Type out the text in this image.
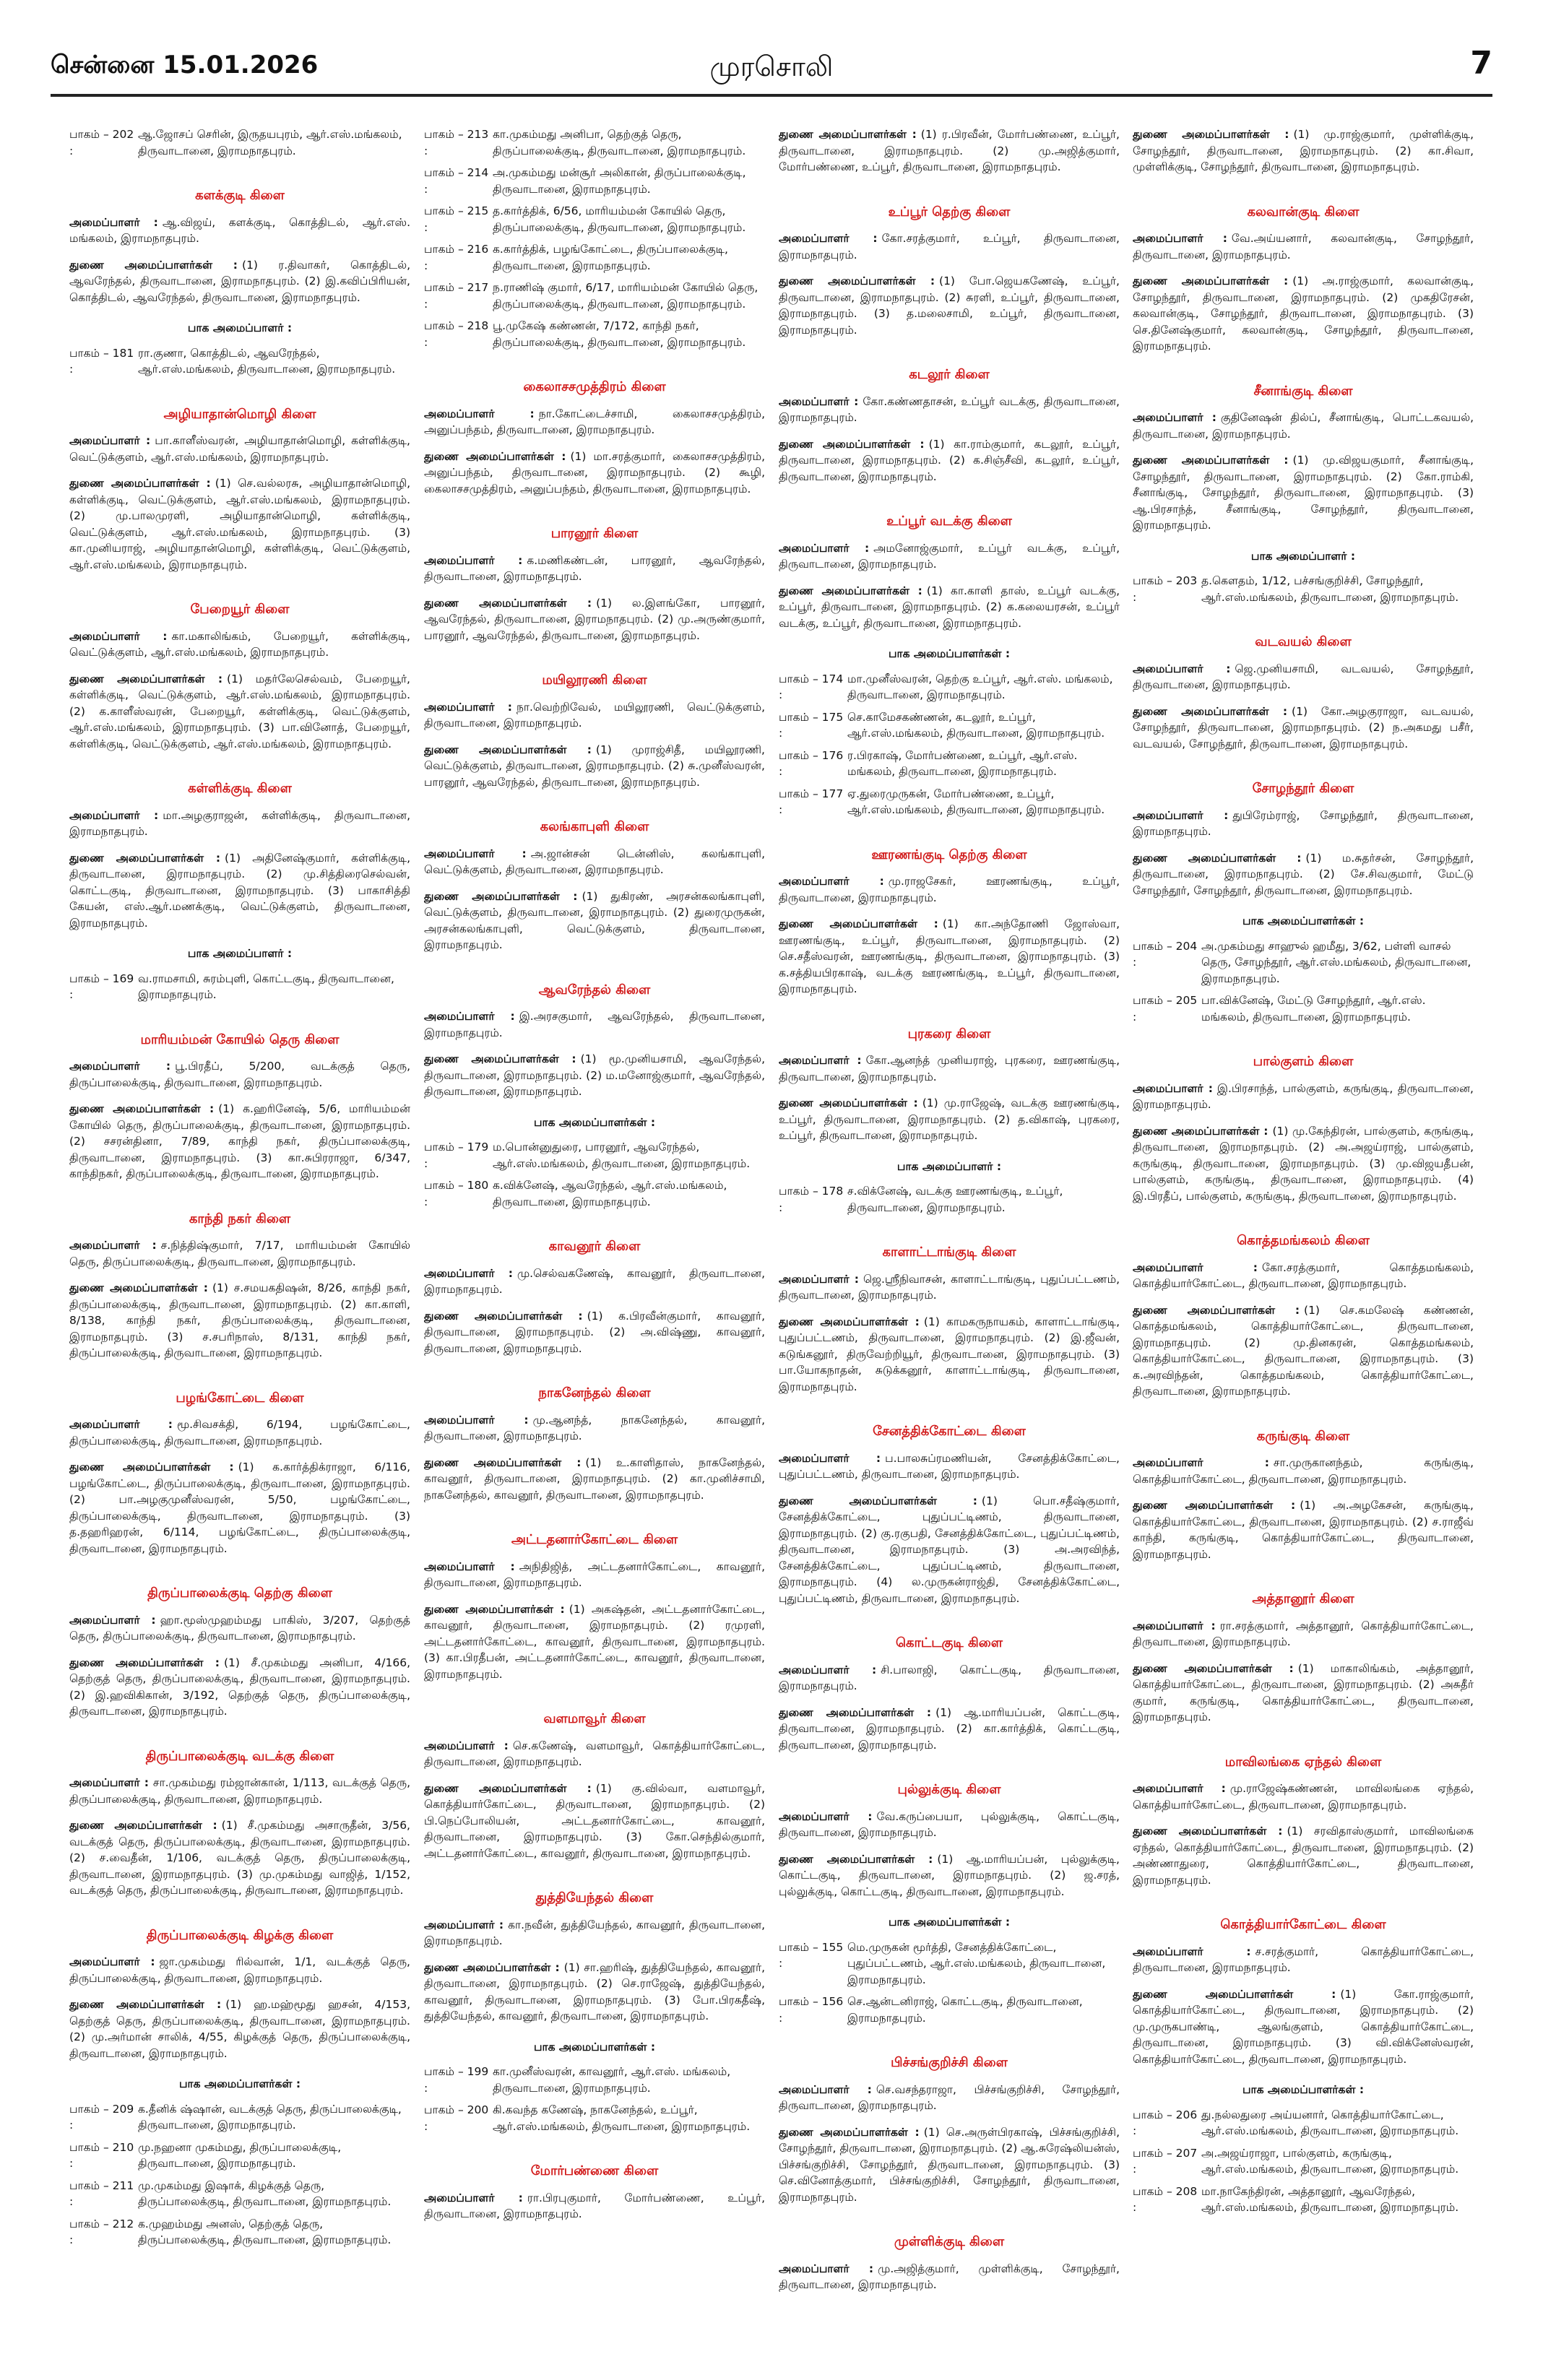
சென்னை 15.01.2026	முரசொலி	7
பாகம் – 202 :
ஆ.ஜோசப் செரின், இருதயபுரம், ஆர்.எஸ்.மங்கலம், திருவாடானை, இராமநாதபுரம்.
களக்குடி கிளை
அமைப்பாளர் : ஆ.விஜய், களக்குடி, கொத்திடல், ஆர்.எஸ். மங்கலம், இராமநாதபுரம்.
துணை அமைப்பாளர்கள் : (1) ர.திவாகர், கொத்திடல், ஆவரேந்தல், திருவாடானை, இராமநாதபுரம். (2) இ.கவிப்பிரியன், கொத்திடல், ஆவரேந்தல், திருவாடானை, இராமநாதபுரம்.
பாக அமைப்பாளர் :
பாகம் – 181 :
ரா.குணா, கொத்திடல், ஆவரேந்தல், ஆர்.எஸ்.மங்கலம், திருவாடானை, இராமநாதபுரம்.
அழியாதான்மொழி கிளை
அமைப்பாளர் : பா.காளீஸ்வரன், அழியாதான்மொழி, கள்ளிக்குடி, வெட்டுக்குளம், ஆர்.எஸ்.மங்கலம், இராமநாதபுரம்.
துணை அமைப்பாளர்கள் : (1) செ.வல்லரசு, அழியாதான்மொழி, கள்ளிக்குடி, வெட்டுக்குளம், ஆர்.எஸ்.மங்கலம், இராமநாதபுரம். (2) மு.பாலமுரளி, அழியாதான்மொழி, கள்ளிக்குடி, வெட்டுக்குளம், ஆர்.எஸ்.மங்கலம், இராமநாதபுரம். (3) கா.முனியராஜ், அழியாதான்மொழி, கள்ளிக்குடி, வெட்டுக்குளம், ஆர்.எஸ்.மங்கலம், இராமநாதபுரம்.
பேறையூர் கிளை
அமைப்பாளர் : கா.மகாலிங்கம், பேறையூர், கள்ளிக்குடி, வெட்டுக்குளம், ஆர்.எஸ்.மங்கலம், இராமநாதபுரம்.
துணை அமைப்பாளர்கள் : (1) மதர்லேசெல்வம், பேறையூர், கள்ளிக்குடி, வெட்டுக்குளம், ஆர்.எஸ்.மங்கலம், இராமநாதபுரம். (2) க.காளீஸ்வரன், பேறையூர், கள்ளிக்குடி, வெட்டுக்குளம், ஆர்.எஸ்.மங்கலம், இராமநாதபுரம். (3) பா.வினோத், பேறையூர், கள்ளிக்குடி, வெட்டுக்குளம், ஆர்.எஸ்.மங்கலம், இராமநாதபுரம்.
கள்ளிக்குடி கிளை
அமைப்பாளர் : மா.அழகுராஜன், கள்ளிக்குடி, திருவாடானை, இராமநாதபுரம்.
துணை அமைப்பாளர்கள் : (1) அதினேஷ்குமார், கள்ளிக்குடி, திருவாடானை, இராமநாதபுரம். (2) மு.சித்திரைசெல்வன், கொட்டகுடி, திருவாடானை, இராமநாதபுரம். (3) பாகாசித்தி கேயன், எஸ்.ஆர்.மணக்குடி, வெட்டுக்குளம், திருவாடானை, இராமநாதபுரம்.
பாக அமைப்பாளர் :
பாகம் – 169 :
வ.ராமசாமி, சுரம்புளி, கொட்டகுடி, திருவாடானை, இராமநாதபுரம்.
மாரியம்மன் கோயில் தெரு கிளை
அமைப்பாளர் : பூ.பிரதீப், 5/200, வடக்குத் தெரு, திருப்பாலைக்குடி, திருவாடானை, இராமநாதபுரம்.
துணை அமைப்பாளர்கள் : (1) க.ஹரினேஷ், 5/6, மாரியம்மன் கோயில் தெரு, திருப்பாலைக்குடி, திருவாடானை, இராமநாதபுரம். (2) சசரன்தினா, 7/89, காந்தி நகர், திருப்பாலைக்குடி, திருவாடானை, இராமநாதபுரம். (3) கா.சுபிரராஜா, 6/347, காந்திநகர், திருப்பாலைக்குடி, திருவாடானை, இராமநாதபுரம்.
காந்தி நகர் கிளை
அமைப்பாளர் : ச.நித்திஷ்குமார், 7/17, மாரியம்மன் கோயில் தெரு, திருப்பாலைக்குடி, திருவாடானை, இராமநாதபுரம்.
துணை அமைப்பாளர்கள் : (1) ச.சமயகதிஷன், 8/26, காந்தி நகர், திருப்பாலைக்குடி, திருவாடானை, இராமநாதபுரம். (2) கா.காளி, 8/138, காந்தி நகர், திருப்பாலைக்குடி, திருவாடானை, இராமநாதபுரம். (3) ச.சபரிநாஸ், 8/131, காந்தி நகர், திருப்பாலைக்குடி, திருவாடானை, இராமநாதபுரம்.
பழங்கோட்டை கிளை
அமைப்பாளர் : மூ.சிவசக்தி, 6/194, பழங்கோட்டை, திருப்பாலைக்குடி, திருவாடானை, இராமநாதபுரம்.
துணை அமைப்பாளர்கள் : (1) க.கார்த்திக்ராஜா, 6/116, பழங்கோட்டை, திருப்பாலைக்குடி, திருவாடானை, இராமநாதபுரம். (2) பா.அழகுமுனீஸ்வரன், 5/50, பழங்கோட்டை, திருப்பாலைக்குடி, திருவாடானை, இராமநாதபுரம். (3) த.தஹரிஹரன், 6/114, பழங்கோட்டை, திருப்பாலைக்குடி, திருவாடானை, இராமநாதபுரம்.
திருப்பாலைக்குடி தெற்கு கிளை
அமைப்பாளர் : ஹா.மூஸ்முஹம்மது பாகிஸ், 3/207, தெற்குத் தெரு, திருப்பாலைக்குடி, திருவாடானை, இராமநாதபுரம்.
துணை அமைப்பாளர்கள் : (1) சீ.முகம்மது அனிபா, 4/166, தெற்குத் தெரு, திருப்பாலைக்குடி, திருவாடானை, இராமநாதபுரம். (2) இ.ஹவிகிகான், 3/192, தெற்குத் தெரு, திருப்பாலைக்குடி, திருவாடானை, இராமநாதபுரம்.
திருப்பாலைக்குடி வடக்கு கிளை
அமைப்பாளர் : சா.முகம்மது ரம்ஜான்கான், 1/113, வடக்குத் தெரு, திருப்பாலைக்குடி, திருவாடானை, இராமநாதபுரம்.
துணை அமைப்பாளர்கள் : (1) சீ.முகம்மது அசாருதீன், 3/56, வடக்குத் தெரு, திருப்பாலைக்குடி, திருவாடானை, இராமநாதபுரம். (2) ச.வைதீன், 1/106, வடக்குத் தெரு, திருப்பாலைக்குடி, திருவாடானை, இராமநாதபுரம். (3) மு.முகம்மது வாஜித், 1/152, வடக்குத் தெரு, திருப்பாலைக்குடி, திருவாடானை, இராமநாதபுரம்.
திருப்பாலைக்குடி கிழக்கு கிளை
அமைப்பாளர் : ஜா.முகம்மது ரில்வான், 1/1, வடக்குத் தெரு, திருப்பாலைக்குடி, திருவாடானை, இராமநாதபுரம்.
துணை அமைப்பாளர்கள் : (1) ஹ.மஹ்மூது ஹசன், 4/153, தெற்குத் தெரு, திருப்பாலைக்குடி, திருவாடானை, இராமநாதபுரம். (2) மு.அர்மான் சாலிக், 4/55, கிழக்குத் தெரு, திருப்பாலைக்குடி, திருவாடானை, இராமநாதபுரம்.
பாக அமைப்பாளர்கள் :
பாகம் – 209 :
க.தீனிக் ஷ்ஷான், வடக்குத் தெரு, திருப்பாலைக்குடி, திருவாடானை, இராமநாதபுரம்.
பாகம் – 210 :
மு.நஹனா முகம்மது, திருப்பாலைக்குடி, திருவாடானை, இராமநாதபுரம்.
பாகம் – 211 :
மு.முகம்மது இஷாக், கிழக்குத் தெரு, திருப்பாலைக்குடி, திருவாடானை, இராமநாதபுரம்.
பாகம் – 212 :
க.முஹம்மது அனஸ், தெற்குத் தெரு, திருப்பாலைக்குடி, திருவாடானை, இராமநாதபுரம்.
பாகம் – 213 :
கா.முகம்மது அனிபா, தெற்குத் தெரு, திருப்பாலைக்குடி, திருவாடானை, இராமநாதபுரம்.
பாகம் – 214 :
அ.முகம்மது மன்சூர் அலிகான், திருப்பாலைக்குடி, திருவாடானை, இராமநாதபுரம்.
பாகம் – 215 :
த.கார்த்திக், 6/56, மாரியம்மன் கோயில் தெரு, திருப்பாலைக்குடி, திருவாடானை, இராமநாதபுரம்.
பாகம் – 216 :
க.கார்த்திக், பழங்கோட்டை, திருப்பாலைக்குடி, திருவாடானை, இராமநாதபுரம்.
பாகம் – 217 :
ந.ராணிஷ் குமார், 6/17, மாரியம்மன் கோயில் தெரு, திருப்பாலைக்குடி, திருவாடானை, இராமநாதபுரம்.
பாகம் – 218 :
பூ.முகேஷ் கண்ணன், 7/172, காந்தி நகர், திருப்பாலைக்குடி, திருவாடானை, இராமநாதபுரம்.
கைலாசசமுத்திரம் கிளை
அமைப்பாளர் : நா.கோட்டைச்சாமி, கைலாசசமுத்திரம், அனுப்பந்தம், திருவாடானை, இராமநாதபுரம்.
துணை அமைப்பாளர்கள் : (1) மா.சரத்குமார், கைலாசசமுத்திரம், அனுப்பந்தம், திருவாடானை, இராமநாதபுரம். (2) கூழி, கைலாசசமுத்திரம், அனுப்பந்தம், திருவாடானை, இராமநாதபுரம்.
பாரனூர் கிளை
அமைப்பாளர் : க.மணிகண்டன், பாரனூர், ஆவரேந்தல், திருவாடானை, இராமநாதபுரம்.
துணை அமைப்பாளர்கள் : (1) ல.இளங்கோ, பாரனூர், ஆவரேந்தல், திருவாடானை, இராமநாதபுரம். (2) மு.அருண்குமார், பாரனூர், ஆவரேந்தல், திருவாடானை, இராமநாதபுரம்.
மயிலூரணி கிளை
அமைப்பாளர் : நா.வெற்றிவேல், மயிலூரணி, வெட்டுக்குளம், திருவாடானை, இராமநாதபுரம்.
துணை அமைப்பாளர்கள் : (1) முராஜ்சிதீ, மயிலூரணி, வெட்டுக்குளம், திருவாடானை, இராமநாதபுரம். (2) சு.முனீஸ்வரன், பாரனூர், ஆவரேந்தல், திருவாடானை, இராமநாதபுரம்.
கலங்காபுளி கிளை
அமைப்பாளர் : அ.ஜான்சன் டென்னிஸ், கலங்காபுளி, வெட்டுக்குளம், திருவாடானை, இராமநாதபுரம்.
துணை அமைப்பாளர்கள் : (1) துகிரண், அரசன்கலங்காபுளி, வெட்டுக்குளம், திருவாடானை, இராமநாதபுரம். (2) துரைமுருகன், அரசன்கலங்காபுளி, வெட்டுக்குளம், திருவாடானை, இராமநாதபுரம்.
ஆவரேந்தல் கிளை
அமைப்பாளர் : இ.அரசகுமார், ஆவரேந்தல், திருவாடானை, இராமநாதபுரம்.
துணை அமைப்பாளர்கள் : (1) மூ.முனியசாமி, ஆவரேந்தல், திருவாடானை, இராமநாதபுரம். (2) ம.மனோஜ்குமார், ஆவரேந்தல், திருவாடானை, இராமநாதபுரம்.
பாக அமைப்பாளர்கள் :
பாகம் – 179 :
ம.பொன்னுதுரை, பாரனூர், ஆவரேந்தல், ஆர்.எஸ்.மங்கலம், திருவாடானை, இராமநாதபுரம்.
பாகம் – 180 :
க.விக்னேஷ், ஆவரேந்தல், ஆர்.எஸ்.மங்கலம், திருவாடானை, இராமநாதபுரம்.
காவனூர் கிளை
அமைப்பாளர் : மு.செல்வகணேஷ், காவனூர், திருவாடானை, இராமநாதபுரம்.
துணை அமைப்பாளர்கள் : (1) க.பிரவீன்குமார், காவனூர், திருவாடானை, இராமநாதபுரம். (2) அ.விஷ்ணு, காவனூர், திருவாடானை, இராமநாதபுரம்.
நாகனேந்தல் கிளை
அமைப்பாளர் : மு.ஆனந்த், நாகனேந்தல், காவனூர், திருவாடானை, இராமநாதபுரம்.
துணை அமைப்பாளர்கள் : (1) உ.காளிதாஸ், நாகனேந்தல், காவனூர், திருவாடானை, இராமநாதபுரம். (2) கா.முனிச்சாமி, நாகனேந்தல், காவனூர், திருவாடானை, இராமநாதபுரம்.
அட்டதனார்கோட்டை கிளை
அமைப்பாளர் : அநிதிஜித், அட்டதனார்கோட்டை, காவனூர், திருவாடானை, இராமநாதபுரம்.
துணை அமைப்பாளர்கள் : (1) அகஷ்தன், அட்டதனார்கோட்டை, காவனூர், திருவாடானை, இராமநாதபுரம். (2) ரமுரளி, அட்டதனார்கோட்டை, காவனூர், திருவாடானை, இராமநாதபுரம். (3) கா.பிரதீபன், அட்டதனார்கோட்டை, காவனூர், திருவாடானை, இராமநாதபுரம்.
வளமாவூர் கிளை
அமைப்பாளர் : செ.கணேஷ், வளமாவூர், கொத்தியார்கோட்டை, திருவாடானை, இராமநாதபுரம்.
துணை அமைப்பாளர்கள் : (1) கு.வில்வா, வளமாவூர், கொத்தியார்கோட்டை, திருவாடானை, இராமநாதபுரம். (2) பி.நெப்போலியன், அட்டதனார்கோட்டை, காவனூர், திருவாடானை, இராமநாதபுரம். (3) கோ.செந்தில்குமார், அட்டதனார்கோட்டை, காவனூர், திருவாடானை, இராமநாதபுரம்.
துத்தியேந்தல் கிளை
அமைப்பாளர் : கா.நவீன், துத்தியேந்தல், காவனூர், திருவாடானை, இராமநாதபுரம்.
துணை அமைப்பாளர்கள் : (1) சா.ஹரிஷ், துத்தியேந்தல், காவனூர், திருவாடானை, இராமநாதபுரம். (2) செ.ராஜேஷ், துத்தியேந்தல், காவனூர், திருவாடானை, இராமநாதபுரம். (3) போ.பிரகதீஷ், துத்தியேந்தல், காவனூர், திருவாடானை, இராமநாதபுரம்.
பாக அமைப்பாளர்கள் :
பாகம் – 199 :
கா.முனீஸ்வரன், காவனூர், ஆர்.எஸ். மங்கலம், திருவாடானை, இராமநாதபுரம்.
பாகம் – 200 :
கி.கவந்த கணேஷ், நாகனேந்தல், உப்பூர், ஆர்.எஸ்.மங்கலம், திருவாடானை, இராமநாதபுரம்.
மோர்பண்ணை கிளை
அமைப்பாளர் : ரா.பிரபுகுமார், மோர்பண்ணை, உப்பூர், திருவாடானை, இராமநாதபுரம்.
துணை அமைப்பாளர்கள் : (1) ர.பிரவீன், மோர்பண்ணை, உப்பூர், திருவாடானை, இராமநாதபுரம். (2) மு.அஜித்குமார், மோர்பண்ணை, உப்பூர், திருவாடானை, இராமநாதபுரம்.
உப்பூர் தெற்கு கிளை
அமைப்பாளர் : கோ.சரத்குமார், உப்பூர், திருவாடானை, இராமநாதபுரம்.
துணை அமைப்பாளர்கள் : (1) போ.ஜெயகணேஷ், உப்பூர், திருவாடானை, இராமநாதபுரம். (2) சுரளி, உப்பூர், திருவாடானை, இராமநாதபுரம். (3) த.மலைசாமி, உப்பூர், திருவாடானை, இராமநாதபுரம்.
கடலூர் கிளை
அமைப்பாளர் : கோ.கண்ணதாசன், உப்பூர் வடக்கு, திருவாடானை, இராமநாதபுரம்.
துணை அமைப்பாளர்கள் : (1) கா.ராம்குமார், கடலூர், உப்பூர், திருவாடானை, இராமநாதபுரம். (2) க.சிஞ்சீவி, கடலூர், உப்பூர், திருவாடானை, இராமநாதபுரம்.
உப்பூர் வடக்கு கிளை
அமைப்பாளர் : அமனோஜ்குமார், உப்பூர் வடக்கு, உப்பூர், திருவாடானை, இராமநாதபுரம்.
துணை அமைப்பாளர்கள் : (1) கா.காளி தாஸ், உப்பூர் வடக்கு, உப்பூர், திருவாடானை, இராமநாதபுரம். (2) க.கலையரசன், உப்பூர் வடக்கு, உப்பூர், திருவாடானை, இராமநாதபுரம்.
பாக அமைப்பாளர்கள் :
பாகம் – 174 :
மா.முனீஸ்வரன், தெற்கு உப்பூர், ஆர்.எஸ். மங்கலம், திருவாடானை, இராமநாதபுரம்.
பாகம் – 175 :
செ.காமேசகண்ணன், கடலூர், உப்பூர், ஆர்.எஸ்.மங்கலம், திருவாடானை, இராமநாதபுரம்.
பாகம் – 176 :
ர.பிரகாஷ், மோர்பண்ணை, உப்பூர், ஆர்.எஸ். மங்கலம், திருவாடானை, இராமநாதபுரம்.
பாகம் – 177 :
ஏ.துரைமுருகன், மோர்பண்ணை, உப்பூர், ஆர்.எஸ்.மங்கலம், திருவாடானை, இராமநாதபுரம்.
ஊரணங்குடி தெற்கு கிளை
அமைப்பாளர் : மு.ராஜசேகர், ஊரணங்குடி, உப்பூர், திருவாடானை, இராமநாதபுரம்.
துணை அமைப்பாளர்கள் : (1) கா.அந்தோணி ஜோஸ்வா, ஊரணங்குடி, உப்பூர், திருவாடானை, இராமநாதபுரம். (2) செ.சதீஸ்வரன், ஊரணங்குடி, திருவாடானை, இராமநாதபுரம். (3) க.சத்தியபிரகாஷ், வடக்கு ஊரணங்குடி, உப்பூர், திருவாடானை, இராமநாதபுரம்.
புரகரை கிளை
அமைப்பாளர் : கோ.ஆனந்த் முனியராஜ், புரகரை, ஊரணங்குடி, திருவாடானை, இராமநாதபுரம்.
துணை அமைப்பாளர்கள் : (1) மு.ராஜேஷ், வடக்கு ஊரணங்குடி, உப்பூர், திருவாடானை, இராமநாதபுரம். (2) த.விகாஷ், புரகரை, உப்பூர், திருவாடானை, இராமநாதபுரம்.
பாக அமைப்பாளர் :
பாகம் – 178 :
ச.விக்னேஷ், வடக்கு ஊரணங்குடி, உப்பூர், திருவாடானை, இராமநாதபுரம்.
காளாட்டாங்குடி கிளை
அமைப்பாளர் : ஜெ.ஸ்ரீநிவாசன், காளாட்டாங்குடி, புதுப்பட்டணம், திருவாடானை, இராமநாதபுரம்.
துணை அமைப்பாளர்கள் : (1) காமகருநாயகம், காளாட்டாங்குடி, புதுப்பட்டணம், திருவாடானை, இராமநாதபுரம். (2) இ.ஜீவன், கடுங்கனூர், திருவேற்றியூர், திருவாடானை, இராமநாதபுரம். (3) பா.யோகநாதன், சுடுக்கனூர், காளாட்டாங்குடி, திருவாடானை, இராமநாதபுரம்.
சேனத்திக்கோட்டை கிளை
அமைப்பாளர் : ப.பாலசுப்ரமணியன், சேனத்திக்கோட்டை, புதுப்பட்டணம், திருவாடானை, இராமநாதபுரம்.
துணை அமைப்பாளர்கள் : (1) பொ.சதீஷ்குமார், சேனத்திக்கோட்டை, புதுப்பட்டிணம், திருவாடானை, இராமநாதபுரம். (2) கு.ரகுபதி, சேனத்திக்கோட்டை, புதுப்பட்டிணம், திருவாடானை, இராமநாதபுரம். (3) அ.அரவிந்த், சேனத்திக்கோட்டை, புதுப்பட்டிணம், திருவாடானை, இராமநாதபுரம். (4) ல.முருகன்ராஜ்தி, சேனத்திக்கோட்டை, புதுப்பட்டிணம், திருவாடானை, இராமநாதபுரம்.
கொட்டகுடி கிளை
அமைப்பாளர் : சி.பாலாஜி, கொட்டகுடி, திருவாடானை, இராமநாதபுரம்.
துணை அமைப்பாளர்கள் : (1) ஆ.மாரியப்பன், கொட்டகுடி, திருவாடானை, இராமநாதபுரம். (2) கா.கார்த்திக், கொட்டகுடி, திருவாடானை, இராமநாதபுரம்.
புல்லுக்குடி கிளை
அமைப்பாளர் : வே.கருப்பையா, புல்லுக்குடி, கொட்டகுடி, திருவாடானை, இராமநாதபுரம்.
துணை அமைப்பாளர்கள் : (1) ஆ.மாரியப்பன், புல்லுக்குடி, கொட்டகுடி, திருவாடானை, இராமநாதபுரம். (2) ஜ.சரத், புல்லுக்குடி, கொட்டகுடி, திருவாடானை, இராமநாதபுரம்.
பாக அமைப்பாளர்கள் :
பாகம் – 155 :
மெ.முருகன் மூர்த்தி, சேனத்திக்கோட்டை, புதுப்பட்டணம், ஆர்.எஸ்.மங்கலம், திருவாடானை, இராமநாதபுரம்.
பாகம் – 156 :
செ.ஆன்டனிராஜ், கொட்டகுடி, திருவாடானை, இராமநாதபுரம்.
பிச்சங்குறிச்சி கிளை
அமைப்பாளர் : செ.வசந்தராஜா, பிச்சங்குறிச்சி, சோழந்தூர், திருவாடானை, இராமநாதபுரம்.
துணை அமைப்பாளர்கள் : (1) செ.அருள்பிரகாஷ், பிச்சங்குறிச்சி, சோழந்தூர், திருவாடானை, இராமநாதபுரம். (2) ஆ.சுரேஷ்லியன்ஸ், பிச்சங்குறிச்சி, சோழந்தூர், திருவாடானை, இராமநாதபுரம். (3) செ.வினோத்குமார், பிச்சங்குறிச்சி, சோழந்தூர், திருவாடானை, இராமநாதபுரம்.
முள்ளிக்குடி கிளை
அமைப்பாளர் : மு.அஜித்குமார், முள்ளிக்குடி, சோழந்தூர், திருவாடானை, இராமநாதபுரம்.
துணை அமைப்பாளர்கள் : (1) மு.ராஜ்குமார், முள்ளிக்குடி, சோழந்தூர், திருவாடானை, இராமநாதபுரம். (2) கா.சிவா, முள்ளிக்குடி, சோழந்தூர், திருவாடானை, இராமநாதபுரம்.
கலவான்குடி கிளை
அமைப்பாளர் : வே.அய்யனார், கலவான்குடி, சோழந்தூர், திருவாடானை, இராமநாதபுரம்.
துணை அமைப்பாளர்கள் : (1) அ.ராஜ்குமார், கலவான்குடி, சோழந்தூர், திருவாடானை, இராமநாதபுரம். (2) முகதிரேசன், கலவான்குடி, சோழந்தூர், திருவாடானை, இராமநாதபுரம். (3) செ.தினேஷ்குமார், கலவான்குடி, சோழந்தூர், திருவாடானை, இராமநாதபுரம்.
சீனாங்குடி கிளை
அமைப்பாளர் : குதினேஷன் தில்ப், சீனாங்குடி, பொட்டகவயல், திருவாடானை, இராமநாதபுரம்.
துணை அமைப்பாளர்கள் : (1) மு.விஜயகுமார், சீனாங்குடி, சோழந்தூர், திருவாடானை, இராமநாதபுரம். (2) கோ.ராம்கி, சீனாங்குடி, சோழந்தூர், திருவாடானை, இராமநாதபுரம். (3) ஆ.பிரசாந்த், சீனாங்குடி, சோழந்தூர், திருவாடானை, இராமநாதபுரம்.
பாக அமைப்பாளர் :
பாகம் – 203 :
த.கௌதம், 1/12, பச்சங்குறிச்சி, சோழந்தூர், ஆர்.எஸ்.மங்கலம், திருவாடானை, இராமநாதபுரம்.
வடவயல் கிளை
அமைப்பாளர் : ஜெ.முனியசாமி, வடவயல், சோழந்தூர், திருவாடானை, இராமநாதபுரம்.
துணை அமைப்பாளர்கள் : (1) கோ.அழகுராஜா, வடவயல், சோழந்தூர், திருவாடானை, இராமநாதபுரம். (2) ந.அகமது பசீர், வடவயல், சோழந்தூர், திருவாடானை, இராமநாதபுரம்.
சோழந்தூர் கிளை
அமைப்பாளர் : துபிரேம்ராஜ், சோழந்தூர், திருவாடானை, இராமநாதபுரம்.
துணை அமைப்பாளர்கள் : (1) ம.சுதர்சன், சோழந்தூர், திருவாடானை, இராமநாதபுரம். (2) சே.சிவகுமார், மேட்டு சோழந்தூர், சோழந்தூர், திருவாடானை, இராமநாதபுரம்.
பாக அமைப்பாளர்கள் :
பாகம் – 204 :
அ.முகம்மது சாஹுல் ஹமீது, 3/62, பள்ளி வாசல் தெரு, சோழந்தூர், ஆர்.எஸ்.மங்கலம், திருவாடானை, இராமநாதபுரம்.
பாகம் – 205 :
பா.விக்னேஷ், மேட்டு சோழந்தூர், ஆர்.எஸ். மங்கலம், திருவாடானை, இராமநாதபுரம்.
பால்குளம் கிளை
அமைப்பாளர் : இ.பிரசாந்த், பால்குளம், கருங்குடி, திருவாடானை, இராமநாதபுரம்.
துணை அமைப்பாளர்கள் : (1) மு.கேந்திரன், பால்குளம், கருங்குடி, திருவாடானை, இராமநாதபுரம். (2) அ.அஜய்ராஜ், பால்குளம், கருங்குடி, திருவாடானை, இராமநாதபுரம். (3) மு.விஜயதீபன், பால்குளம், கருங்குடி, திருவாடானை, இராமநாதபுரம். (4) இ.பிரதீப், பால்குளம், கருங்குடி, திருவாடானை, இராமநாதபுரம்.
கொத்தமங்கலம் கிளை
அமைப்பாளர் : கோ.சரத்குமார், கொத்தமங்கலம், கொத்தியார்கோட்டை, திருவாடானை, இராமநாதபுரம்.
துணை அமைப்பாளர்கள் : (1) செ.கமலேஷ் கண்ணன், கொத்தமங்கலம், கொத்தியார்கோட்டை, திருவாடானை, இராமநாதபுரம். (2) மு.தினகரன், கொத்தமங்கலம், கொத்தியார்கோட்டை, திருவாடானை, இராமநாதபுரம். (3) க.அரவிந்தன், கொத்தமங்கலம், கொத்தியார்கோட்டை, திருவாடானை, இராமநாதபுரம்.
கருங்குடி கிளை
அமைப்பாளர் : சா.முருகானந்தம், கருங்குடி, கொத்தியார்கோட்டை, திருவாடானை, இராமநாதபுரம்.
துணை அமைப்பாளர்கள் : (1) அ.அழகேசன், கருங்குடி, கொத்தியார்கோட்டை, திருவாடானை, இராமநாதபுரம். (2) ச.ராஜீவ் காந்தி, கருங்குடி, கொத்தியார்கோட்டை, திருவாடானை, இராமநாதபுரம்.
அத்தானூர் கிளை
அமைப்பாளர் : ரா.சரத்குமார், அத்தானூர், கொத்தியார்கோட்டை, திருவாடானை, இராமநாதபுரம்.
துணை அமைப்பாளர்கள் : (1) மாகாலிங்கம், அத்தானூர், கொத்தியார்கோட்டை, திருவாடானை, இராமநாதபுரம். (2) அசுதீர் குமார், கருங்குடி, கொத்தியார்கோட்டை, திருவாடானை, இராமநாதபுரம்.
மாவிலங்கை ஏந்தல் கிளை
அமைப்பாளர் : மு.ராஜேஷ்கண்ணன், மாவிலங்கை ஏந்தல், கொத்தியார்கோட்டை, திருவாடானை, இராமநாதபுரம்.
துணை அமைப்பாளர்கள் : (1) சரவிதாஸ்குமார், மாவிலங்கை ஏந்தல், கொத்தியார்கோட்டை, திருவாடானை, இராமநாதபுரம். (2) அண்ணாதுரை, கொத்தியார்கோட்டை, திருவாடானை, இராமநாதபுரம்.
கொத்தியார்கோட்டை கிளை
அமைப்பாளர் : ச.சரத்குமார், கொத்தியார்கோட்டை, திருவாடானை, இராமநாதபுரம்.
துணை அமைப்பாளர்கள் : (1) கோ.ராஜ்குமார், கொத்தியார்கோட்டை, திருவாடானை, இராமநாதபுரம். (2) மு.முருகபாண்டி, ஆலங்குளம், கொத்தியார்கோட்டை, திருவாடானை, இராமநாதபுரம். (3) வி.விக்னேஸ்வரன், கொத்தியார்கோட்டை, திருவாடானை, இராமநாதபுரம்.
பாக அமைப்பாளர்கள் :
பாகம் – 206 :
து.நல்லதுரை அய்யனார், கொத்தியார்கோட்டை, ஆர்.எஸ்.மங்கலம், திருவாடானை, இராமநாதபுரம்.
பாகம் – 207 :
அ.அஜய்ராஜா, பால்குளம், கருங்குடி, ஆர்.எஸ்.மங்கலம், திருவாடானை, இராமநாதபுரம்.
பாகம் – 208 :
மா.நாகேந்திரன், அத்தானூர், ஆவரேந்தல், ஆர்.எஸ்.மங்கலம், திருவாடானை, இராமநாதபுரம்.
